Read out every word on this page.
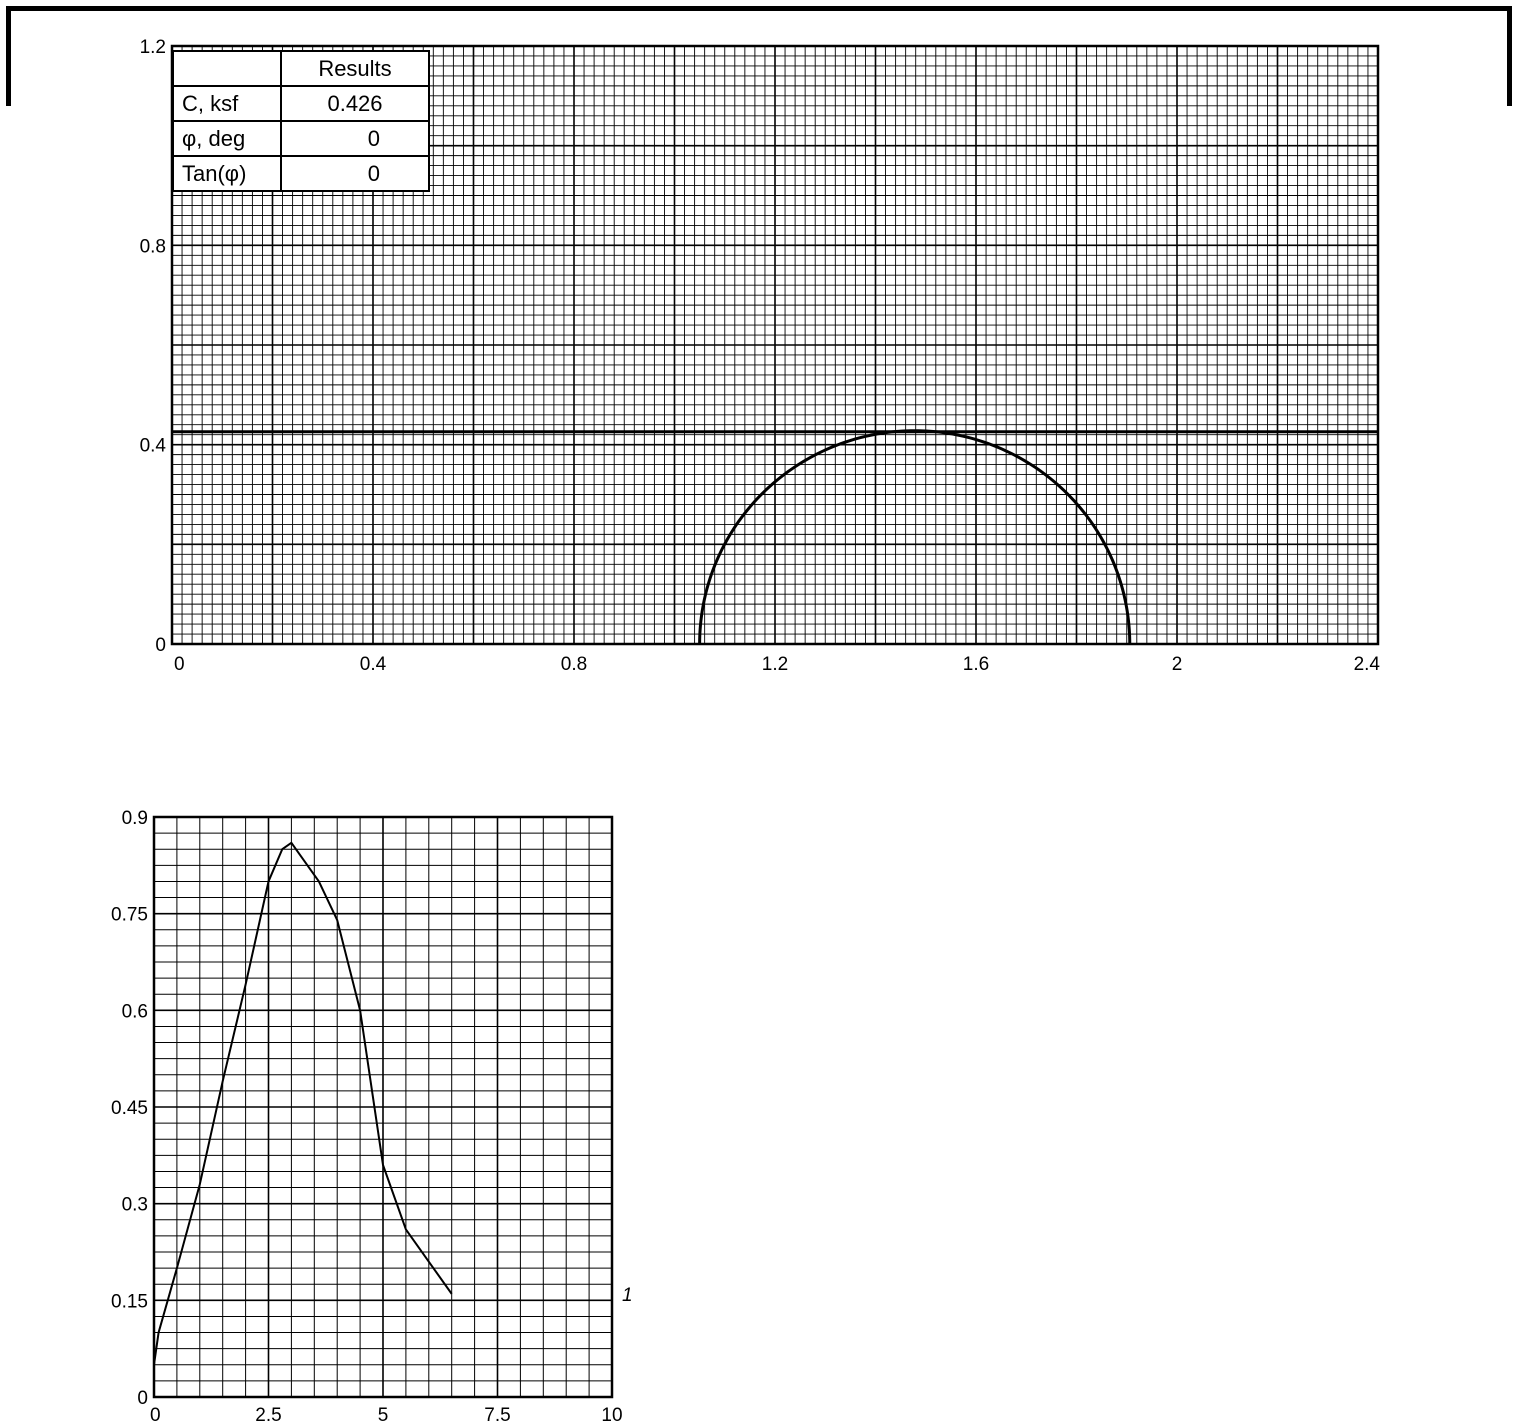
0	0.4	0.8	1.2	1.6	2	2.4
0
0.4
0.8
1.2
1
0	2.5	5	7.5	10
0
0.15
0.3
0.45
0.6
0.75
0.9
	Results
C, ksf	0.426
φ, deg	0
Tan(φ)	0
